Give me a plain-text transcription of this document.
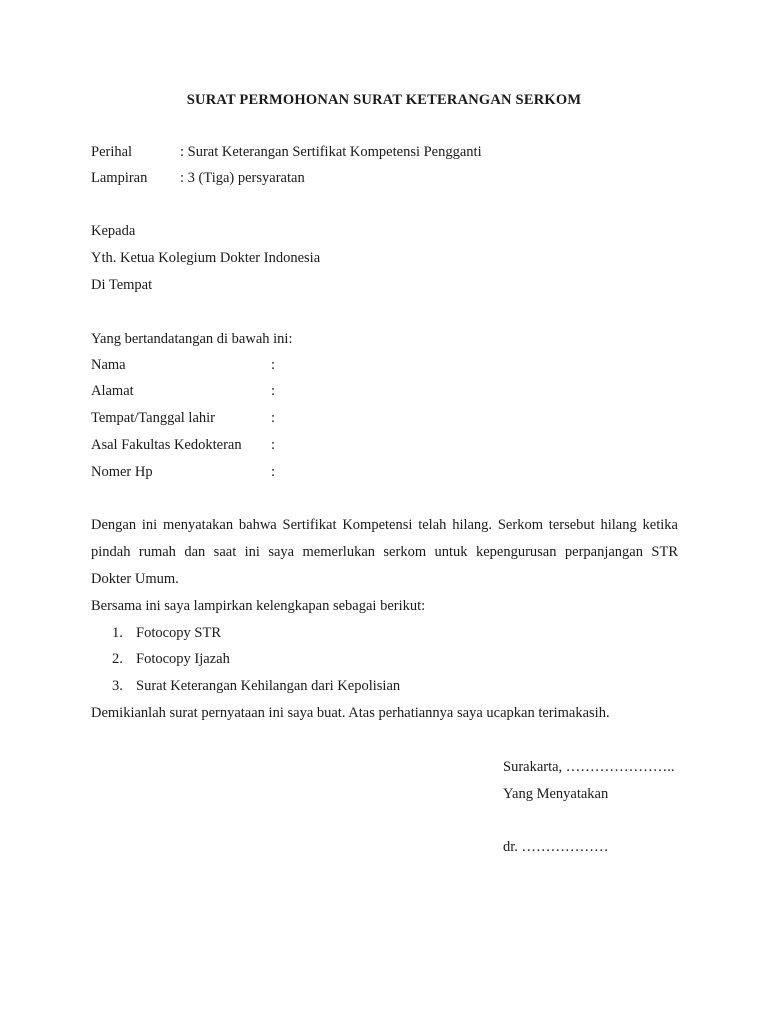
SURAT PERMOHONAN SURAT KETERANGAN SERKOM
Perihal	: Surat Keterangan Sertifikat Kompetensi Pengganti
Lampiran : 3 (Tiga) persyaratan
Kepada
Yth. Ketua Kolegium Dokter Indonesia
Di Tempat
Yang bertandatangan di bawah ini:
Nama	:
Alamat	:
Tempat/Tanggal lahir	:
Asal Fakultas Kedokteran :
Nomer Hp	:
Dengan ini menyatakan bahwa Sertifikat Kompetensi telah hilang. Serkom tersebut hilang ketika pindah rumah dan saat ini saya memerlukan serkom untuk kepengurusan perpanjangan STR
Dokter Umum.
Bersama ini saya lampirkan kelengkapan sebagai berikut:
1. Fotocopy STR
2. Fotocopy Ijazah
3. Surat Keterangan Kehilangan dari Kepolisian
Demikianlah surat pernyataan ini saya buat. Atas perhatiannya saya ucapkan terimakasih.
Surakarta, …………………..
Yang Menyatakan
dr. ………………
